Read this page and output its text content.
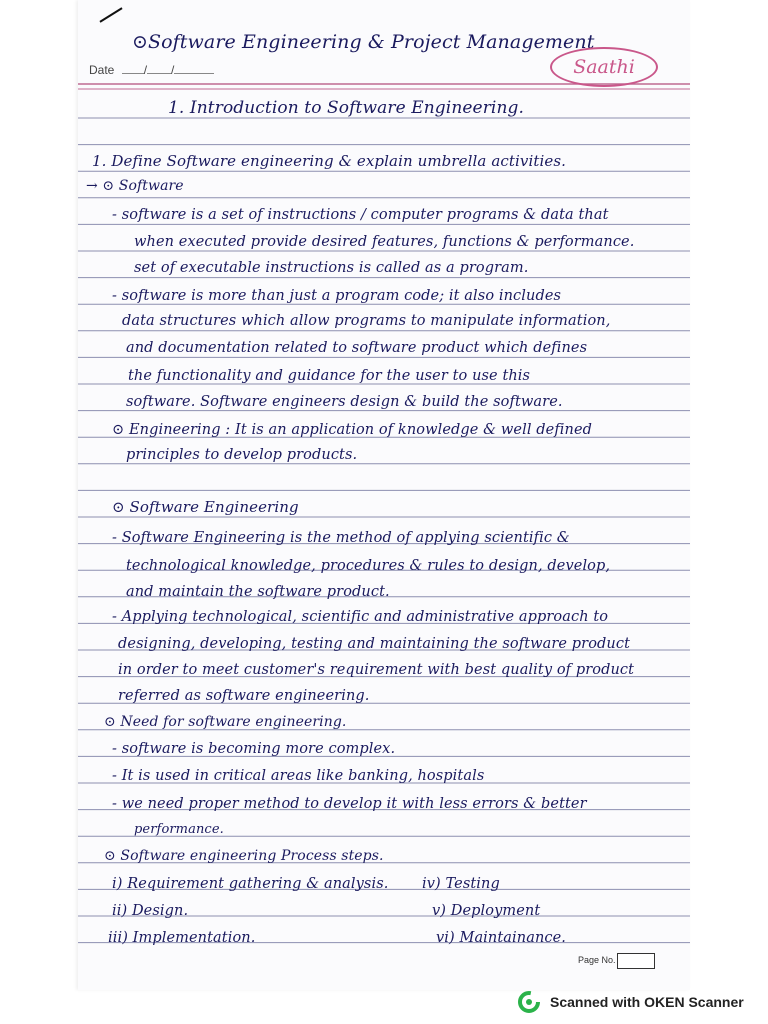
⊙Software Engineering & Project Management
Date / /	Saathi
1. Introduction to Software Engineering.
1. Define Software engineering & explain umbrella activities.
→ ⊙ Software
- software is a set of instructions / computer programs & data that
when executed provide desired features, functions & performance.
set of executable instructions is called as a program.
- software is more than just a program code; it also includes
data structures which allow programs to manipulate information,
and documentation related to software product which defines
the functionality and guidance for the user to use this
software. Software engineers design & build the software.
⊙ Engineering : It is an application of knowledge & well defined
principles to develop products.
⊙ Software Engineering
- Software Engineering is the method of applying scientific &
technological knowledge, procedures & rules to design, develop,
and maintain the software product.
- Applying technological, scientific and administrative approach to
designing, developing, testing and maintaining the software product
in order to meet customer's requirement with best quality of product
referred as software engineering.
⊙ Need for software engineering.
- software is becoming more complex.
- It is used in critical areas like banking, hospitals
- we need proper method to develop it with less errors & better
performance.
⊙ Software engineering Process steps.
i) Requirement gathering & analysis.
ii) Design.
iii) Implementation.
iv) Testing
v) Deployment
vi) Maintainance.
Page No.
Scanned with OKEN Scanner
